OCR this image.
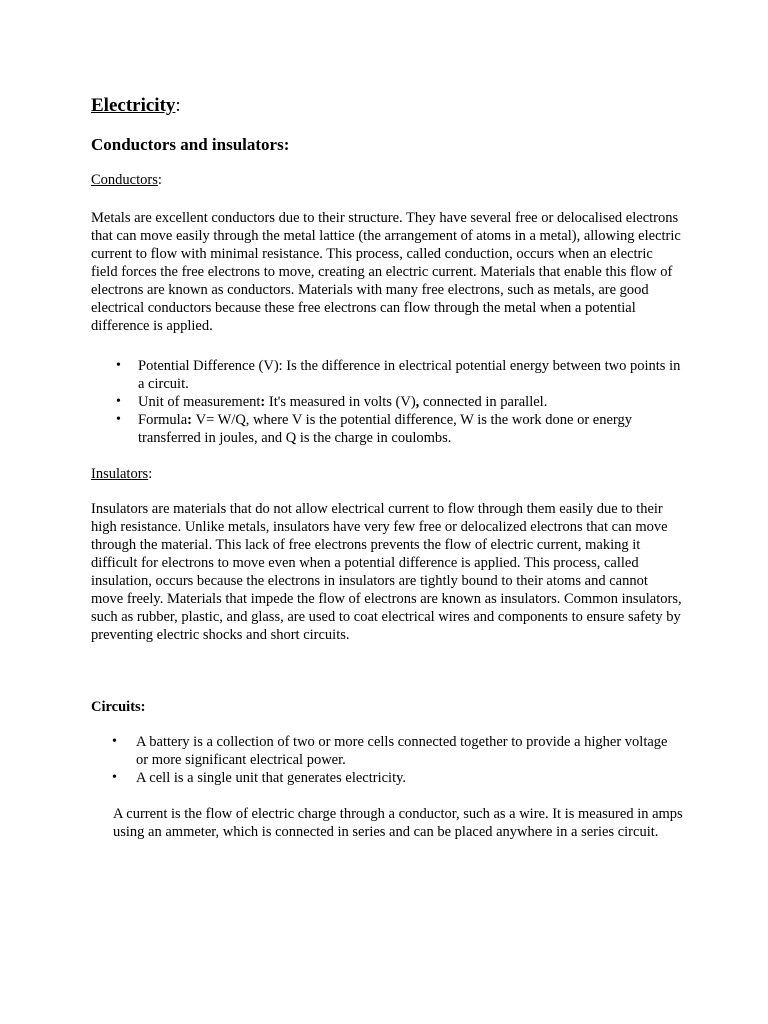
Electricity:
Conductors and insulators:
Conductors:

Metals are excellent conductors due to their structure. They have several free or delocalised electrons that can move easily through the metal lattice (the arrangement of atoms in a metal), allowing electric current to flow with minimal resistance. This process, called conduction, occurs when an electric field forces the free electrons to move, creating an electric current. Materials that enable this flow of electrons are known as conductors. Materials with many free electrons, such as metals, are good electrical conductors because these free electrons can flow through the metal when a potential difference is applied.

• Potential Difference (V): Is the difference in electrical potential energy between two points in a circuit.
• Unit of measurement: It's measured in volts (V), connected in parallel.
• Formula: V= W/Q, where V is the potential difference, W is the work done or energy transferred in joules, and Q is the charge in coulombs.
Insulators:

Insulators are materials that do not allow electrical current to flow through them easily due to their high resistance. Unlike metals, insulators have very few free or delocalized electrons that can move through the material. This lack of free electrons prevents the flow of electric current, making it difficult for electrons to move even when a potential difference is applied. This process, called insulation, occurs because the electrons in insulators are tightly bound to their atoms and cannot move freely. Materials that impede the flow of electrons are known as insulators. Common insulators, such as rubber, plastic, and glass, are used to coat electrical wires and components to ensure safety by preventing electric shocks and short circuits.

Circuits:
• A battery is a collection of two or more cells connected together to provide a higher voltage or more significant electrical power.
• A cell is a single unit that generates electricity.

A current is the flow of electric charge through a conductor, such as a wire. It is measured in amps using an ammeter, which is connected in series and can be placed anywhere in a series circuit.
